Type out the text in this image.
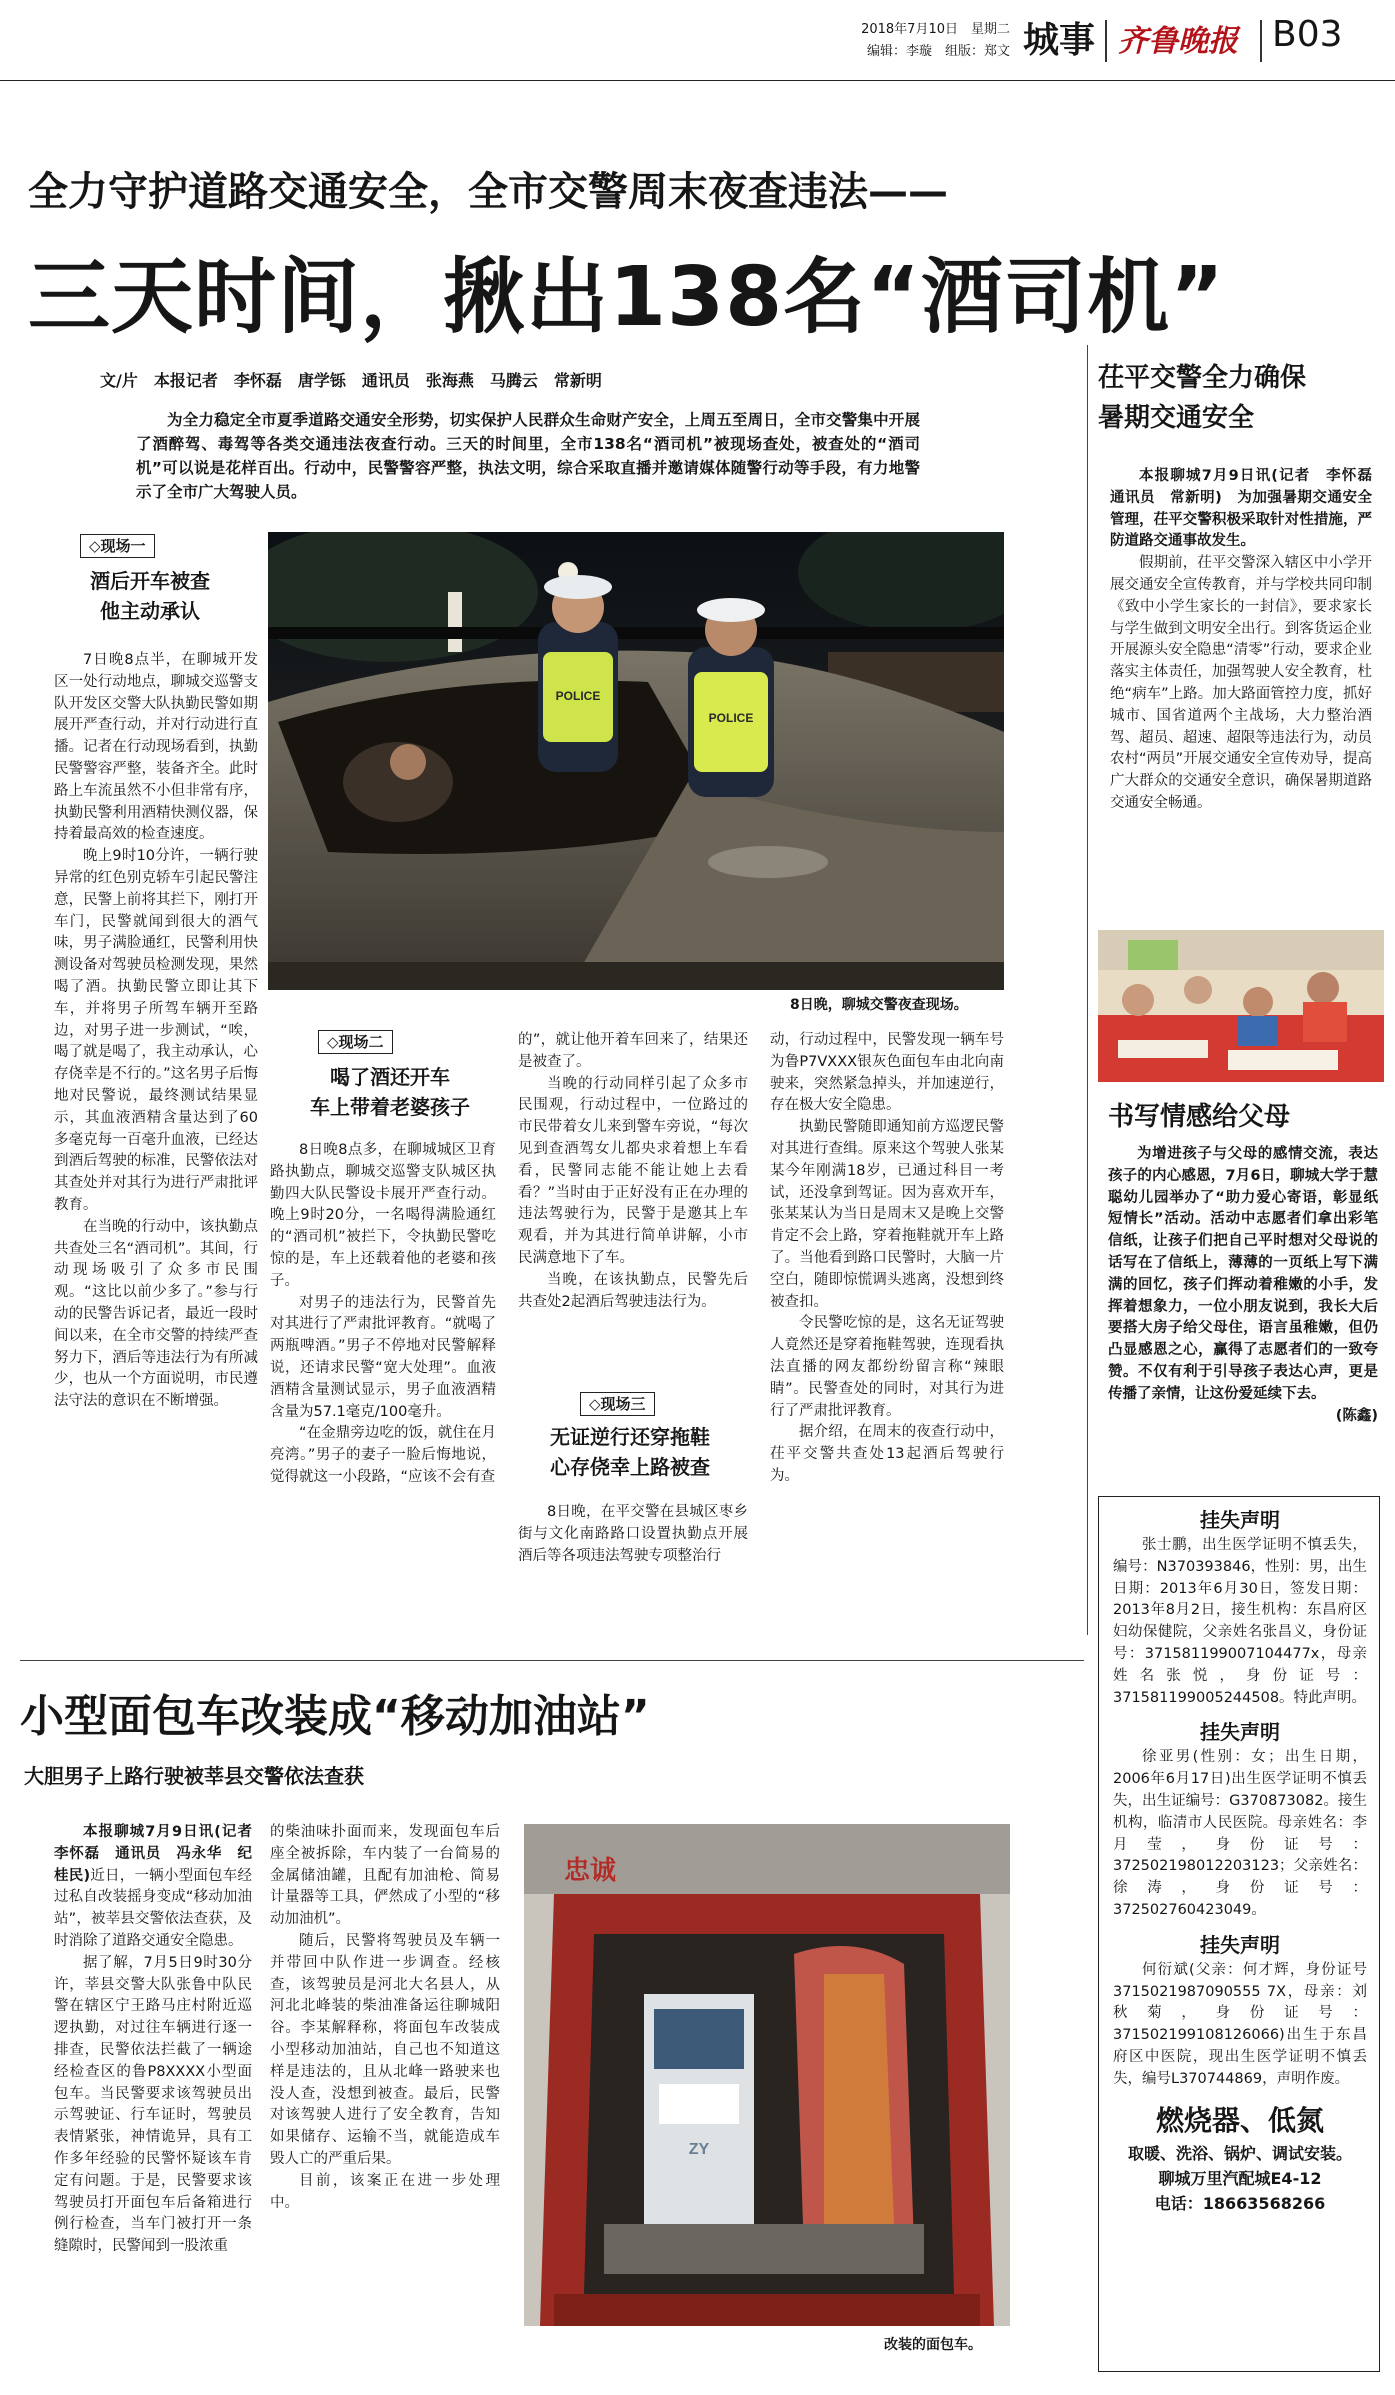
2018年7月10日　星期二
编辑：李璇　组版：郑文 城事 齐鲁晚报 B03
全力守护道路交通安全，全市交警周末夜查违法——
三天时间，揪出138名“酒司机”
文/片　本报记者　李怀磊　唐学铄　通讯员　张海燕　马腾云　常新明
为全力稳定全市夏季道路交通安全形势，切实保护人民群众生命财产安全，上周五至周日，全市交警集中开展了酒醉驾、毒驾等各类交通违法夜查行动。三天的时间里，全市138名“酒司机”被现场查处，被查处的“酒司机”可以说是花样百出。行动中，民警警容严整，执法文明，综合采取直播并邀请媒体随警行动等手段，有力地警示了全市广大驾驶人员。
◇现场一
酒后开车被查
他主动承认

7日晚8点半，在聊城开发区一处行动地点，聊城交巡警支队开发区交警大队执勤民警如期展开严查行动，并对行动进行直播。记者在行动现场看到，执勤民警警容严整，装备齐全。此时路上车流虽然不小但非常有序，执勤民警利用酒精快测仪器，保持着最高效的检查速度。

晚上9时10分许，一辆行驶异常的红色别克轿车引起民警注意，民警上前将其拦下，刚打开车门，民警就闻到很大的酒气味，男子满脸通红，民警利用快测设备对驾驶员检测发现，果然喝了酒。执勤民警立即让其下车，并将男子所驾车辆开至路边，对男子进一步测试，“唉，喝了就是喝了，我主动承认，心存侥幸是不行的。”这名男子后悔地对民警说，最终测试结果显示，其血液酒精含量达到了60多毫克每一百毫升血液，已经达到酒后驾驶的标准，民警依法对其查处并对其行为进行严肃批评教育。

在当晚的行动中，该执勤点共查处三名“酒司机”。其间，行动现场吸引了众多市民围观。“这比以前少多了。”参与行动的民警告诉记者，最近一段时间以来，在全市交警的持续严查努力下，酒后等违法行为有所减少，也从一个方面说明，市民遵法守法的意识在不断增强。

POLICE
POLICE
8日晚，聊城交警夜查现场。
◇现场二
喝了酒还开车
车上带着老婆孩子

8日晚8点多，在聊城城区卫育路执勤点，聊城交巡警支队城区执勤四大队民警设卡展开严查行动。晚上9时20分，一名喝得满脸通红的“酒司机”被拦下，令执勤民警吃惊的是，车上还载着他的老婆和孩子。

对男子的违法行为，民警首先对其进行了严肃批评教育。“就喝了两瓶啤酒。”男子不停地对民警解释说，还请求民警“宽大处理”。血液酒精含量测试显示，男子血液酒精含量为57.1毫克/100毫升。

“在金鼎旁边吃的饭，就住在月亮湾。”男子的妻子一脸后悔地说，觉得就这一小段路，“应该不会有查

的”，就让他开着车回来了，结果还是被查了。

当晚的行动同样引起了众多市民围观，行动过程中，一位路过的市民带着女儿来到警车旁说，“每次见到查酒驾女儿都央求着想上车看看，民警同志能不能让她上去看看？”当时由于正好没有正在办理的违法驾驶行为，民警于是邀其上车观看，并为其进行简单讲解，小市民满意地下了车。

当晚，在该执勤点，民警先后共查处2起酒后驾驶违法行为。

◇现场三
无证逆行还穿拖鞋
心存侥幸上路被查

8日晚，在平交警在县城区枣乡街与文化南路路口设置执勤点开展酒后等各项违法驾驶专项整治行

动，行动过程中，民警发现一辆车号为鲁P7VXXX银灰色面包车由北向南驶来，突然紧急掉头，并加速逆行，存在极大安全隐患。

执勤民警随即通知前方巡逻民警对其进行查缉。原来这个驾驶人张某某今年刚满18岁，已通过科目一考试，还没拿到驾证。因为喜欢开车，张某某认为当日是周末又是晚上交警肯定不会上路，穿着拖鞋就开车上路了。当他看到路口民警时，大脑一片空白，随即惊慌调头逃离，没想到终被查扣。

令民警吃惊的是，这名无证驾驶人竟然还是穿着拖鞋驾驶，连现看执法直播的网友都纷纷留言称“辣眼睛”。民警查处的同时，对其行为进行了严肃批评教育。

据介绍，在周末的夜查行动中，茌平交警共查处13起酒后驾驶行为。

茌平交警全力确保
暑期交通安全

本报聊城7月9日讯(记者　李怀磊　通讯员　常新明)　为加强暑期交通安全管理，茌平交警积极采取针对性措施，严防道路交通事故发生。

假期前，茌平交警深入辖区中小学开展交通安全宣传教育，并与学校共同印制《致中小学生家长的一封信》，要求家长与学生做到文明安全出行。到客货运企业开展源头安全隐患“清零”行动，要求企业落实主体责任，加强驾驶人安全教育，杜绝“病车”上路。加大路面管控力度，抓好城市、国省道两个主战场，大力整治酒驾、超员、超速、超限等违法行为，动员农村“两员”开展交通安全宣传劝导，提高广大群众的交通安全意识，确保暑期道路交通安全畅通。

书写情感给父母

为增进孩子与父母的感情交流，表达孩子的内心感恩，7月6日，聊城大学于慧聪幼儿园举办了“助力爱心寄语，彰显纸短情长”活动。活动中志愿者们拿出彩笔信纸，让孩子们把自己平时想对父母说的话写在了信纸上，薄薄的一页纸上写下满满的回忆，孩子们挥动着稚嫩的小手，发挥着想象力，一位小朋友说到，我长大后要搭大房子给父母住，语言虽稚嫩，但仍凸显感恩之心，赢得了志愿者们的一致夸赞。不仅有利于引导孩子表达心声，更是传播了亲情，让这份爱延续下去。

(陈鑫)

挂失声明

张士鹏，出生医学证明不慎丢失，编号：N370393846，性别：男，出生日期：2013年6月30日，签发日期：2013年8月2日，接生机构：东昌府区妇幼保健院，父亲姓名张昌义，身份证号：371581199007104477x，母亲姓名张悦，身份证号：371581199005244508。特此声明。

挂失声明

徐亚男(性别：女；出生日期，2006年6月17日)出生医学证明不慎丢失，出生证编号：G370873082。接生机构，临清市人民医院。母亲姓名：李月莹，身份证号：372502198012203123；父亲姓名：徐涛，身份证号：372502760423049。

挂失声明

何衍斌(父亲：何才辉，身份证号3715021987090555 7X，母亲：刘秋菊，身份证号：371502199108126066)出生于东昌府区中医院，现出生医学证明不慎丢失，编号L370744869，声明作废。

燃烧器、低氮
取暖、洗浴、锅炉、调试安装。
聊城万里汽配城E4-12
电话：18663568266
小型面包车改装成“移动加油站”
大胆男子上路行驶被莘县交警依法查获

本报聊城7月9日讯(记者　李怀磊　通讯员　冯永华　纪桂民)近日，一辆小型面包车经过私自改装摇身变成“移动加油站”，被莘县交警依法查获，及时消除了道路交通安全隐患。

据了解，7月5日9时30分许，莘县交警大队张鲁中队民警在辖区宁王路马庄村附近巡逻执勤，对过往车辆进行逐一排查，民警依法拦截了一辆途经检查区的鲁P8XXXX小型面包车。当民警要求该驾驶员出示驾驶证、行车证时，驾驶员表情紧张，神情诡异，具有工作多年经验的民警怀疑该车肯定有问题。于是，民警要求该驾驶员打开面包车后备箱进行例行检查，当车门被打开一条缝隙时，民警闻到一股浓重

的柴油味扑面而来，发现面包车后座全被拆除，车内装了一台简易的金属储油罐，且配有加油枪、简易计量器等工具，俨然成了小型的“移动加油机”。

随后，民警将驾驶员及车辆一并带回中队作进一步调查。经核查，该驾驶员是河北大名县人，从河北北峰装的柴油准备运往聊城阳谷。李某解释称，将面包车改装成小型移动加油站，自己也不知道这样是违法的，且从北峰一路驶来也没人查，没想到被查。最后，民警对该驾驶人进行了安全教育，告知如果储存、运输不当，就能造成车毁人亡的严重后果。

目前，该案正在进一步处理中。

忠诚
ZY
改装的面包车。
